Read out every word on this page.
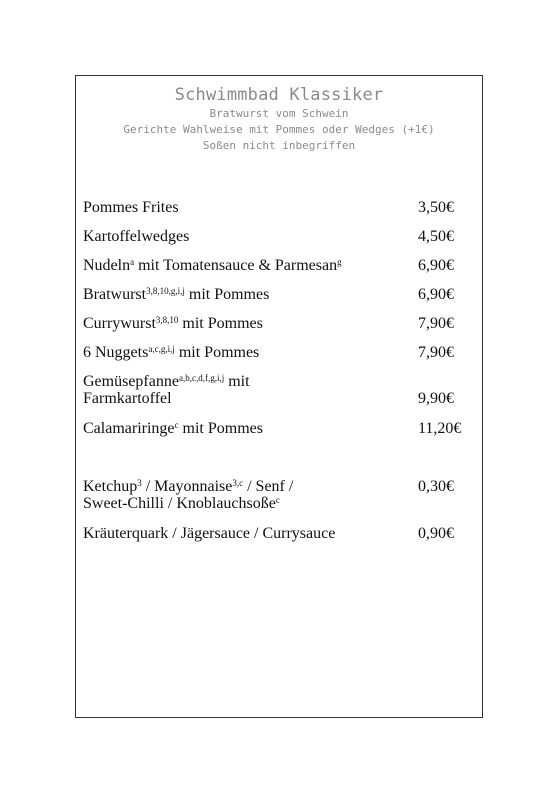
Schwimmbad Klassiker
Bratwurst vom Schwein
Gerichte Wahlweise mit Pommes oder Wedges (+1€)
Soßen nicht inbegriffen
Pommes Frites	3,50€
Kartoffelwedges	4,50€
Nudeln$^a$ mit Tomatensauce & Parmesan$^g$	6,90€
Bratwurst$^{3,8,10,g,i,j}$ mit Pommes	6,90€
Currywurst$^{3,8,10}$ mit Pommes	7,90€
6 Nuggets$^{a,c,g,i,j}$ mit Pommes	7,90€
Gemüsepfanne$^{a,b,c,d,f,g,i,j}$ mit
Farmkartoffel	9,90€
Calamariringe$^c$ mit Pommes	11,20€
Ketchup$^3$ / Mayonnaise$^{3,c}$ / Senf /
Sweet-Chilli / Knoblauchsoße$^c$
0,30€
Kräuterquark / Jägersauce / Currysauce	0,90€
